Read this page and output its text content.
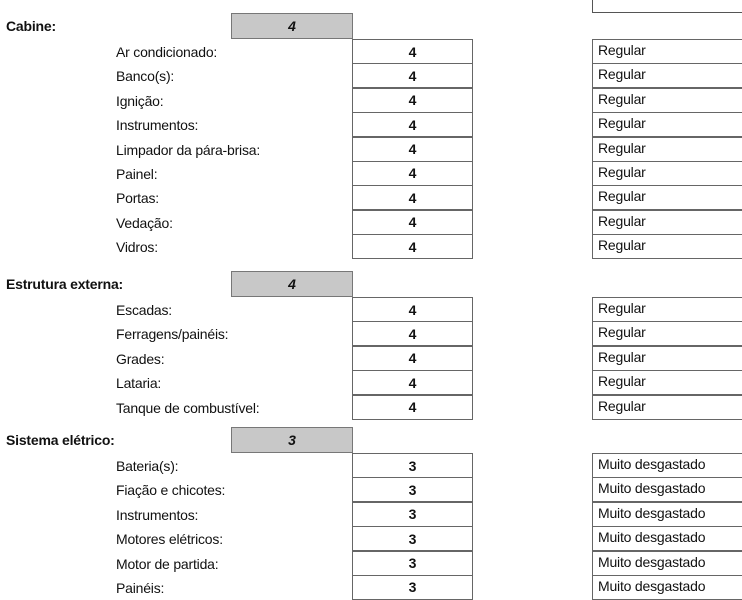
Cabine:	4
Ar condicionado:	4	Regular
Banco(s):	4	Regular
Ignição:	4	Regular
Instrumentos:	4	Regular
Limpador da pára-brisa:	4	Regular
Painel:	4	Regular
Portas:	4	Regular
Vedação:	4	Regular
Vidros:	4	Regular
Estrutura externa:	4
Escadas:	4	Regular
Ferragens/painéis:	4	Regular
Grades:	4	Regular
Lataria:	4	Regular
Tanque de combustível:	4	Regular
Sistema elétrico:	3
Bateria(s):	3	Muito desgastado
Fiação e chicotes:	3	Muito desgastado
Instrumentos:	3	Muito desgastado
Motores elétricos:	3	Muito desgastado
Motor de partida:	3	Muito desgastado
Painéis:	3	Muito desgastado
